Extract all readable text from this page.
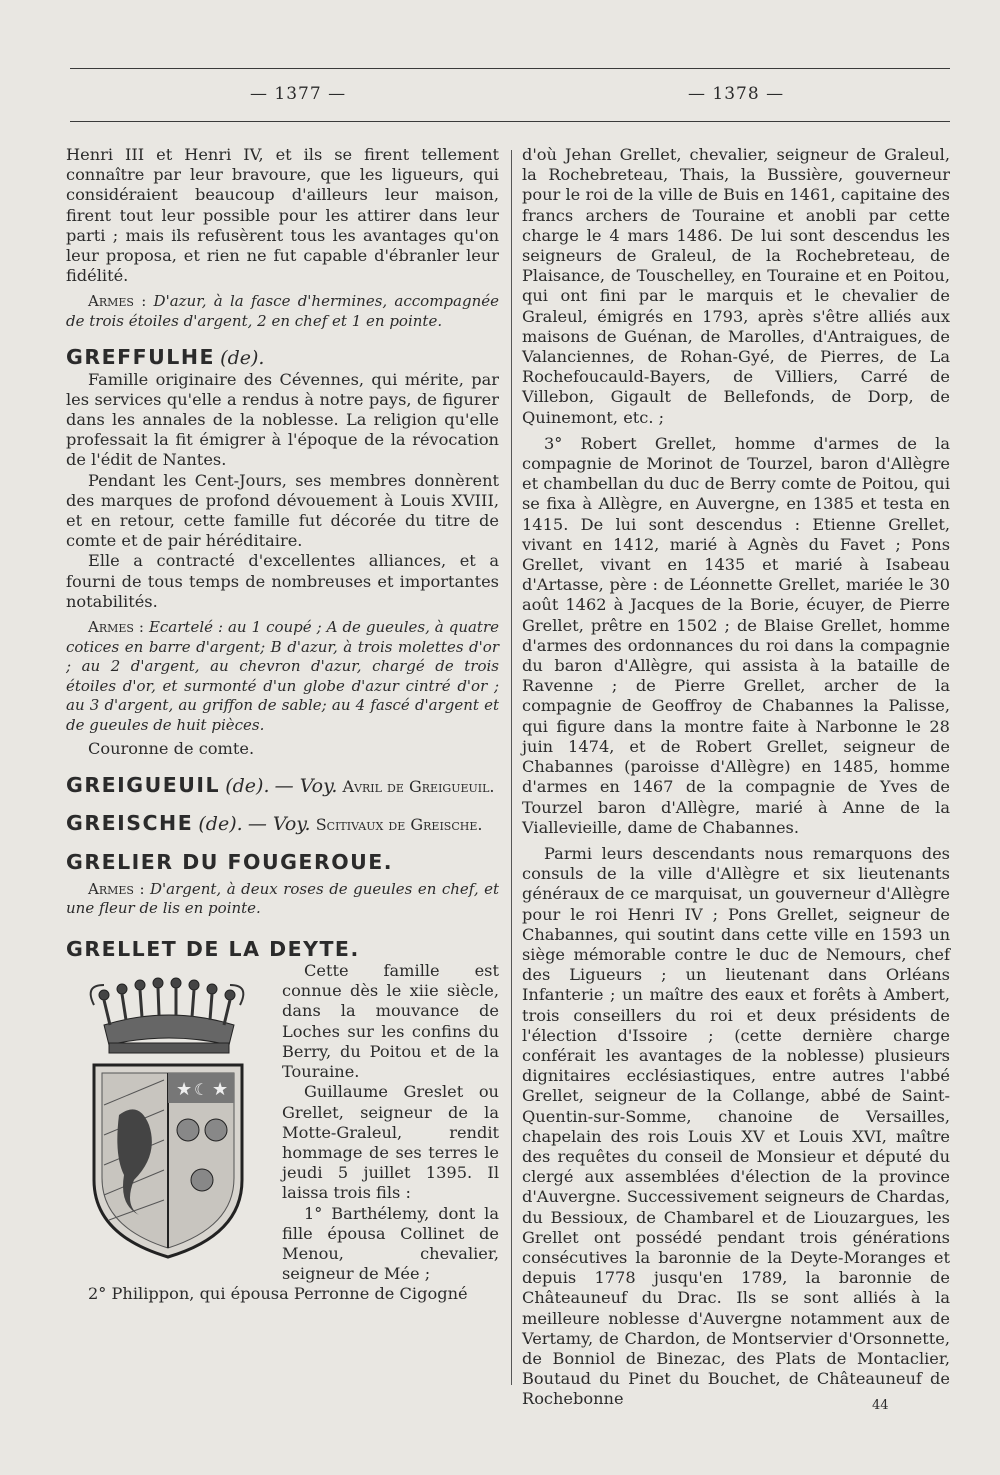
— 1377 —	— 1378 —

Henri III et Henri IV, et ils se firent tellement connaître par leur bravoure, que les ligueurs, qui considéraient beaucoup d'ailleurs leur maison, firent tout leur possible pour les attirer dans leur parti ; mais ils refusèrent tous les avantages qu'on leur proposa, et rien ne fut capable d'ébranler leur fidélité.

Armes : D'azur, à la fasce d'hermines, accompagnée de trois étoiles d'argent, 2 en chef et 1 en pointe.

GREFFULHE (de).

Famille originaire des Cévennes, qui mérite, par les services qu'elle a rendus à notre pays, de figurer dans les annales de la noblesse. La religion qu'elle professait la fit émigrer à l'époque de la révocation de l'édit de Nantes.

Pendant les Cent-Jours, ses membres donnèrent des marques de profond dévouement à Louis XVIII, et en retour, cette famille fut décorée du titre de comte et de pair héréditaire.

Elle a contracté d'excellentes alliances, et a fourni de tous temps de nombreuses et importantes notabilités.

Armes : Ecartelé : au 1 coupé ; A de gueules, à quatre cotices en barre d'argent; B d'azur, à trois molettes d'or ; au 2 d'argent, au chevron d'azur, chargé de trois étoiles d'or, et surmonté d'un globe d'azur cintré d'or ; au 3 d'argent, au griffon de sable; au 4 fascé d'argent et de gueules de huit pièces.

Couronne de comte.

GREIGUEUIL (de). — Voy. Avril de Greigueuil.

GREISCHE (de). — Voy. Scitivaux de Greische.

GRELIER DU FOUGEROUE.

Armes : D'argent, à deux roses de gueules en chef, et une fleur de lis en pointe.

GRELLET DE LA DEYTE.

★ ☾ ★

Cette famille est connue dès le xiie siècle, dans la mouvance de Loches sur les confins du Berry, du Poitou et de la Touraine.

Guillaume Greslet ou Grellet, seigneur de la Motte-Graleul, rendit hommage de ses terres le jeudi 5 juillet 1395. Il laissa trois fils :

1° Barthélemy, dont la fille épousa Collinet de Menou, chevalier, seigneur de Mée ;

2° Philippon, qui épousa Perronne de Cigogné

d'où Jehan Grellet, chevalier, seigneur de Graleul, la Rochebreteau, Thais, la Bussière, gouverneur pour le roi de la ville de Buis en 1461, capitaine des francs archers de Touraine et anobli par cette charge le 4 mars 1486. De lui sont descendus les seigneurs de Graleul, de la Rochebreteau, de Plaisance, de Touschelley, en Touraine et en Poitou, qui ont fini par le marquis et le chevalier de Graleul, émigrés en 1793, après s'être alliés aux maisons de Guénan, de Marolles, d'Antraigues, de Valanciennes, de Rohan-Gyé, de Pierres, de La Rochefoucauld-Bayers, de Villiers, Carré de Villebon, Gigault de Bellefonds, de Dorp, de Quinemont, etc. ;

3° Robert Grellet, homme d'armes de la compagnie de Morinot de Tourzel, baron d'Allègre et chambellan du duc de Berry comte de Poitou, qui se fixa à Allègre, en Auvergne, en 1385 et testa en 1415. De lui sont descendus : Etienne Grellet, vivant en 1412, marié à Agnès du Favet ; Pons Grellet, vivant en 1435 et marié à Isabeau d'Artasse, père : de Léonnette Grellet, mariée le 30 août 1462 à Jacques de la Borie, écuyer, de Pierre Grellet, prêtre en 1502 ; de Blaise Grellet, homme d'armes des ordonnances du roi dans la compagnie du baron d'Allègre, qui assista à la bataille de Ravenne ; de Pierre Grellet, archer de la compagnie de Geoffroy de Chabannes la Palisse, qui figure dans la montre faite à Narbonne le 28 juin 1474, et de Robert Grellet, seigneur de Chabannes (paroisse d'Allègre) en 1485, homme d'armes en 1467 de la compagnie de Yves de Tourzel baron d'Allègre, marié à Anne de la Viallevieille, dame de Chabannes.

Parmi leurs descendants nous remarquons des consuls de la ville d'Allègre et six lieutenants généraux de ce marquisat, un gouverneur d'Allègre pour le roi Henri IV ; Pons Grellet, seigneur de Chabannes, qui soutint dans cette ville en 1593 un siège mémorable contre le duc de Nemours, chef des Ligueurs ; un lieutenant dans Orléans Infanterie ; un maître des eaux et forêts à Ambert, trois conseillers du roi et deux présidents de l'élection d'Issoire ; (cette dernière charge conférait les avantages de la noblesse) plusieurs dignitaires ecclésiastiques, entre autres l'abbé Grellet, seigneur de la Collange, abbé de Saint-Quentin-sur-Somme, chanoine de Versailles, chapelain des rois Louis XV et Louis XVI, maître des requêtes du conseil de Monsieur et député du clergé aux assemblées d'élection de la province d'Auvergne. Successivement seigneurs de Chardas, du Bessioux, de Chambarel et de Liouzargues, les Grellet ont possédé pendant trois générations consécutives la baronnie de la Deyte-Moranges et depuis 1778 jusqu'en 1789, la baronnie de Châteauneuf du Drac. Ils se sont alliés à la meilleure noblesse d'Auvergne notamment aux de Vertamy, de Chardon, de Montservier d'Orsonnette, de Bonniol de Binezac, des Plats de Montaclier, Boutaud du Pinet du Bouchet, de Châteauneuf de Rochebonne	44
